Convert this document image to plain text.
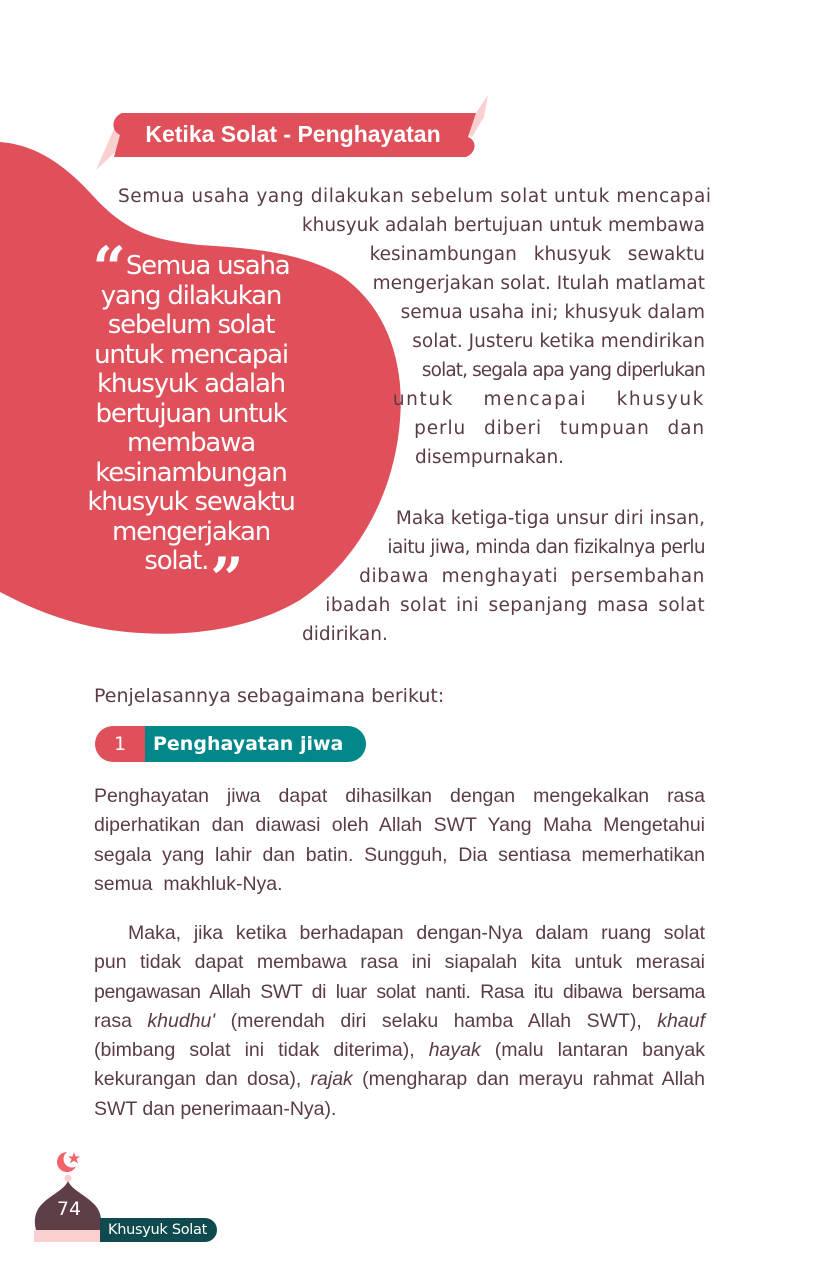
Ketika Solat - Penghayatan
“ Semua usaha
yang dilakukan
sebelum solat
untuk mencapai
khusyuk adalah
bertujuan untuk
membawa
kesinambungan
khusyuk sewaktu
mengerjakan
solat.”
Semua usaha yang dilakukan sebelum solat untuk mencapai
khusyuk adalah bertujuan untuk membawa
kesinambungan khusyuk sewaktu
mengerjakan solat. Itulah matlamat
semua usaha ini; khusyuk dalam
solat. Justeru ketika mendirikan
solat, segala apa yang diperlukan
untuk mencapai khusyuk
perlu diberi tumpuan dan
disempurnakan.
Maka ketiga-tiga unsur diri insan,
iaitu jiwa, minda dan fizikalnya perlu
dibawa menghayati persembahan
ibadah solat ini sepanjang masa solat
didirikan.
Penjelasannya sebagaimana berikut:
1	Penghayatan jiwa
Penghayatan jiwa dapat dihasilkan dengan mengekalkan rasa
diperhatikan dan diawasi oleh Allah SWT Yang Maha Mengetahui
segala yang lahir dan batin. Sungguh, Dia sentiasa memerhatikan
semua  makhluk-Nya.
Maka, jika ketika berhadapan dengan-Nya dalam ruang solat
pun tidak dapat membawa rasa ini siapalah kita untuk merasai
pengawasan Allah SWT di luar solat nanti. Rasa itu dibawa bersama
rasa khudhu' (merendah diri selaku hamba Allah SWT), khauf
(bimbang solat ini tidak diterima), hayak (malu lantaran banyak
kekurangan dan dosa), rajak (mengharap dan merayu rahmat Allah
SWT dan penerimaan-Nya).
74
Khusyuk Solat
